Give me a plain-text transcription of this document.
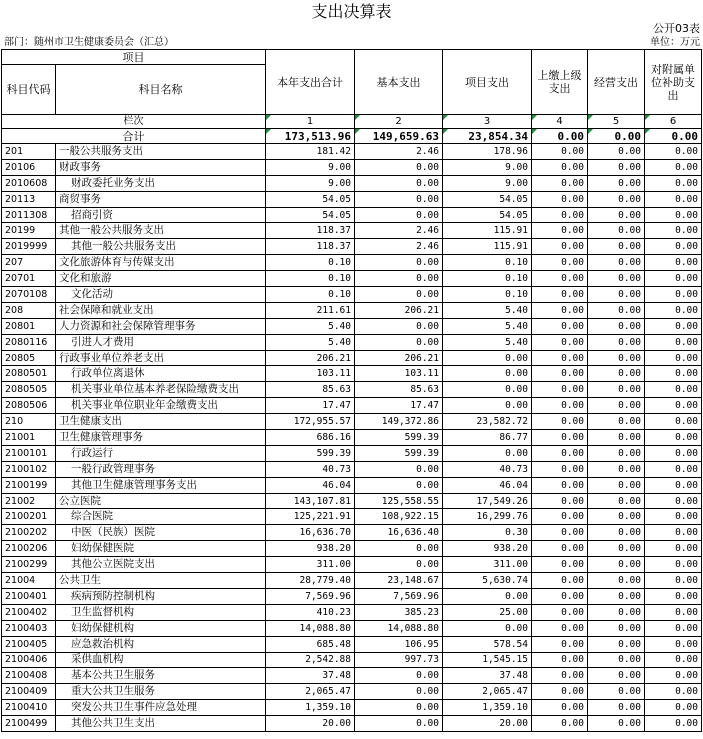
支出决算表
公开03表
部门：随州市卫生健康委员会（汇总）	单位：万元
项目		本年支出合计	基本支出	项目支出	上缴上级支出	经营支出	对附属单位补助支出
科目代码	科目名称						
栏次		1	2	3	4	5	6
合计		173,513.96	149,659.63	23,854.34	0.00	0.00	0.00
201	一般公共服务支出	181.42	2.46	178.96	0.00	0.00	0.00
20106	财政事务	9.00	0.00	9.00	0.00	0.00	0.00
2010608	财政委托业务支出	9.00	0.00	9.00	0.00	0.00	0.00
20113	商贸事务	54.05	0.00	54.05	0.00	0.00	0.00
2011308	招商引资	54.05	0.00	54.05	0.00	0.00	0.00
20199	其他一般公共服务支出	118.37	2.46	115.91	0.00	0.00	0.00
2019999	其他一般公共服务支出	118.37	2.46	115.91	0.00	0.00	0.00
207	文化旅游体育与传媒支出	0.10	0.00	0.10	0.00	0.00	0.00
20701	文化和旅游	0.10	0.00	0.10	0.00	0.00	0.00
2070108	文化活动	0.10	0.00	0.10	0.00	0.00	0.00
208	社会保障和就业支出	211.61	206.21	5.40	0.00	0.00	0.00
20801	人力资源和社会保障管理事务	5.40	0.00	5.40	0.00	0.00	0.00
2080116	引进人才费用	5.40	0.00	5.40	0.00	0.00	0.00
20805	行政事业单位养老支出	206.21	206.21	0.00	0.00	0.00	0.00
2080501	行政单位离退休	103.11	103.11	0.00	0.00	0.00	0.00
2080505	机关事业单位基本养老保险缴费支出	85.63	85.63	0.00	0.00	0.00	0.00
2080506	机关事业单位职业年金缴费支出	17.47	17.47	0.00	0.00	0.00	0.00
210	卫生健康支出	172,955.57	149,372.86	23,582.72	0.00	0.00	0.00
21001	卫生健康管理事务	686.16	599.39	86.77	0.00	0.00	0.00
2100101	行政运行	599.39	599.39	0.00	0.00	0.00	0.00
2100102	一般行政管理事务	40.73	0.00	40.73	0.00	0.00	0.00
2100199	其他卫生健康管理事务支出	46.04	0.00	46.04	0.00	0.00	0.00
21002	公立医院	143,107.81	125,558.55	17,549.26	0.00	0.00	0.00
2100201	综合医院	125,221.91	108,922.15	16,299.76	0.00	0.00	0.00
2100202	中医（民族）医院	16,636.70	16,636.40	0.30	0.00	0.00	0.00
2100206	妇幼保健医院	938.20	0.00	938.20	0.00	0.00	0.00
2100299	其他公立医院支出	311.00	0.00	311.00	0.00	0.00	0.00
21004	公共卫生	28,779.40	23,148.67	5,630.74	0.00	0.00	0.00
2100401	疾病预防控制机构	7,569.96	7,569.96	0.00	0.00	0.00	0.00
2100402	卫生监督机构	410.23	385.23	25.00	0.00	0.00	0.00
2100403	妇幼保健机构	14,088.80	14,088.80	0.00	0.00	0.00	0.00
2100405	应急救治机构	685.48	106.95	578.54	0.00	0.00	0.00
2100406	采供血机构	2,542.88	997.73	1,545.15	0.00	0.00	0.00
2100408	基本公共卫生服务	37.48	0.00	37.48	0.00	0.00	0.00
2100409	重大公共卫生服务	2,065.47	0.00	2,065.47	0.00	0.00	0.00
2100410	突发公共卫生事件应急处理	1,359.10	0.00	1,359.10	0.00	0.00	0.00
2100499	其他公共卫生支出	20.00	0.00	20.00	0.00	0.00	0.00
